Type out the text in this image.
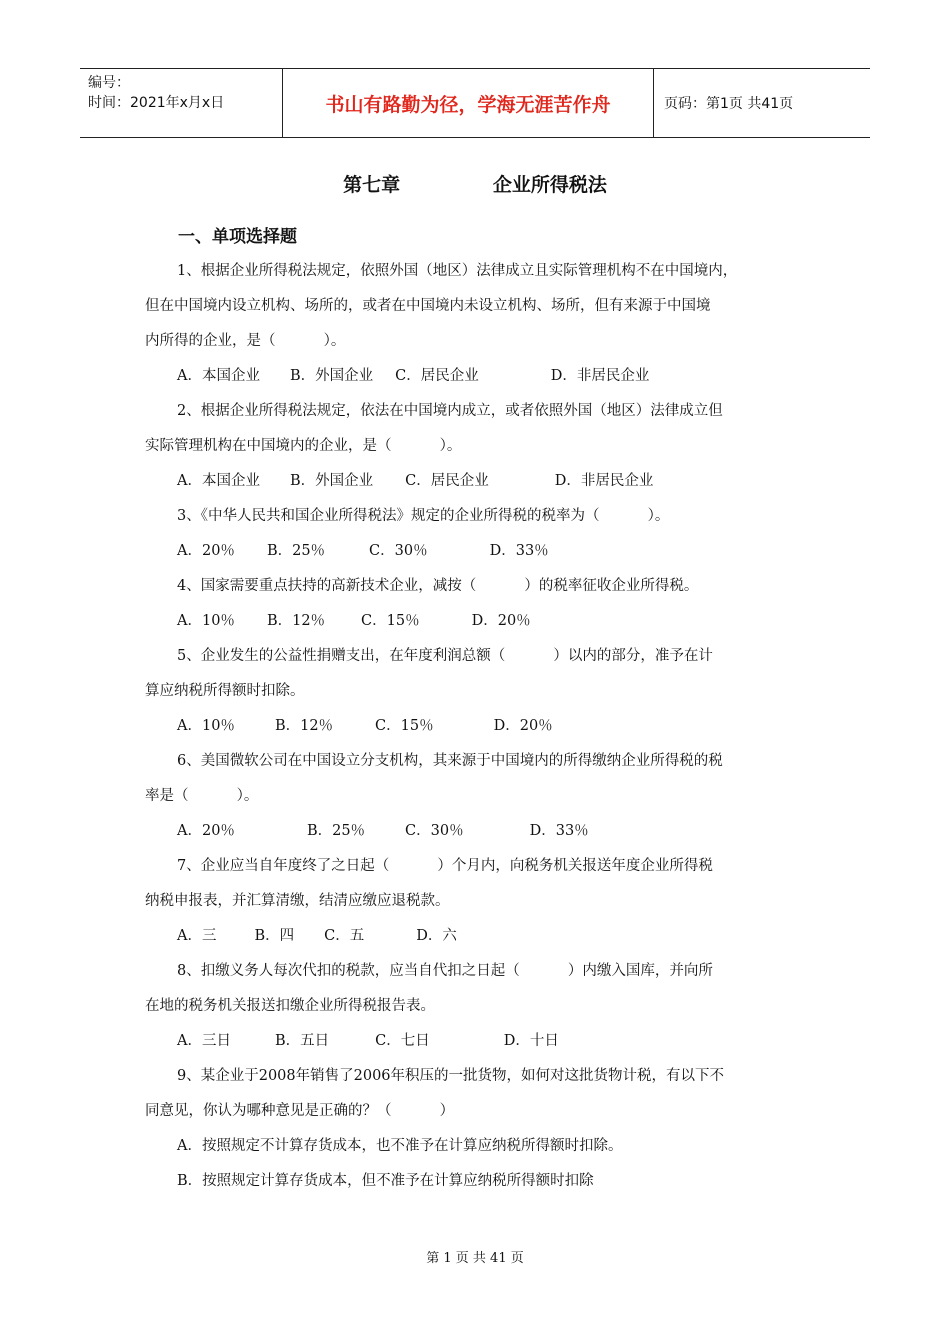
编号：
时间：2021年x月x日	书山有路勤为径，学海无涯苦作舟	页码：第1页 共41页
第七章	企业所得税法
一、单项选择题
1、根据企业所得税法规定，依照外国（地区）法律成立且实际管理机构不在中国境内，
但在中国境内设立机构、场所的，或者在中国境内未设立机构、场所，但有来源于中国境
内所得的企业，是（　　　 ）。
A．本国企业 B．外国企业 C．居民企业	D．非居民企业
2、根据企业所得税法规定，依法在中国境内成立，或者依照外国（地区）法律成立但
实际管理机构在中国境内的企业，是（　　　 ）。
A．本国企业 B．外国企业 C．居民企业	D．非居民企业
3、《中华人民共和国企业所得税法》规定的企业所得税的税率为（　　　 ）。
A．20％ B．25％	C．30％	D．33％
4、国家需要重点扶持的高新技术企业，减按（　　　 ）的税率征收企业所得税。
A．10％ B．12％ C．15％	D．20％
5、企业发生的公益性捐赠支出，在年度利润总额（　　　 ）以内的部分，准予在计
算应纳税所得额时扣除。
A．10％	B．12％	C．15％	D．20％
6、美国微软公司在中国设立分支机构，其来源于中国境内的所得缴纳企业所得税的税
率是（　　　 ）。
A．20％	B．25％	C．30％	D．33％
7、企业应当自年度终了之日起（　　　 ）个月内，向税务机关报送年度企业所得税
纳税申报表，并汇算清缴，结清应缴应退税款。
A．三	B．四 C．五	D．六
8、扣缴义务人每次代扣的税款，应当自代扣之日起（　　　 ）内缴入国库，并向所
在地的税务机关报送扣缴企业所得税报告表。
A．三日	B．五日	C．七日	D．十日
9、某企业于2008年销售了2006年积压的一批货物，如何对这批货物计税，有以下不
同意见，你认为哪种意见是正确的？（　　　 ）
A．按照规定不计算存货成本，也不准予在计算应纳税所得额时扣除。
B．按照规定计算存货成本，但不准予在计算应纳税所得额时扣除
第 1 页 共 41 页
